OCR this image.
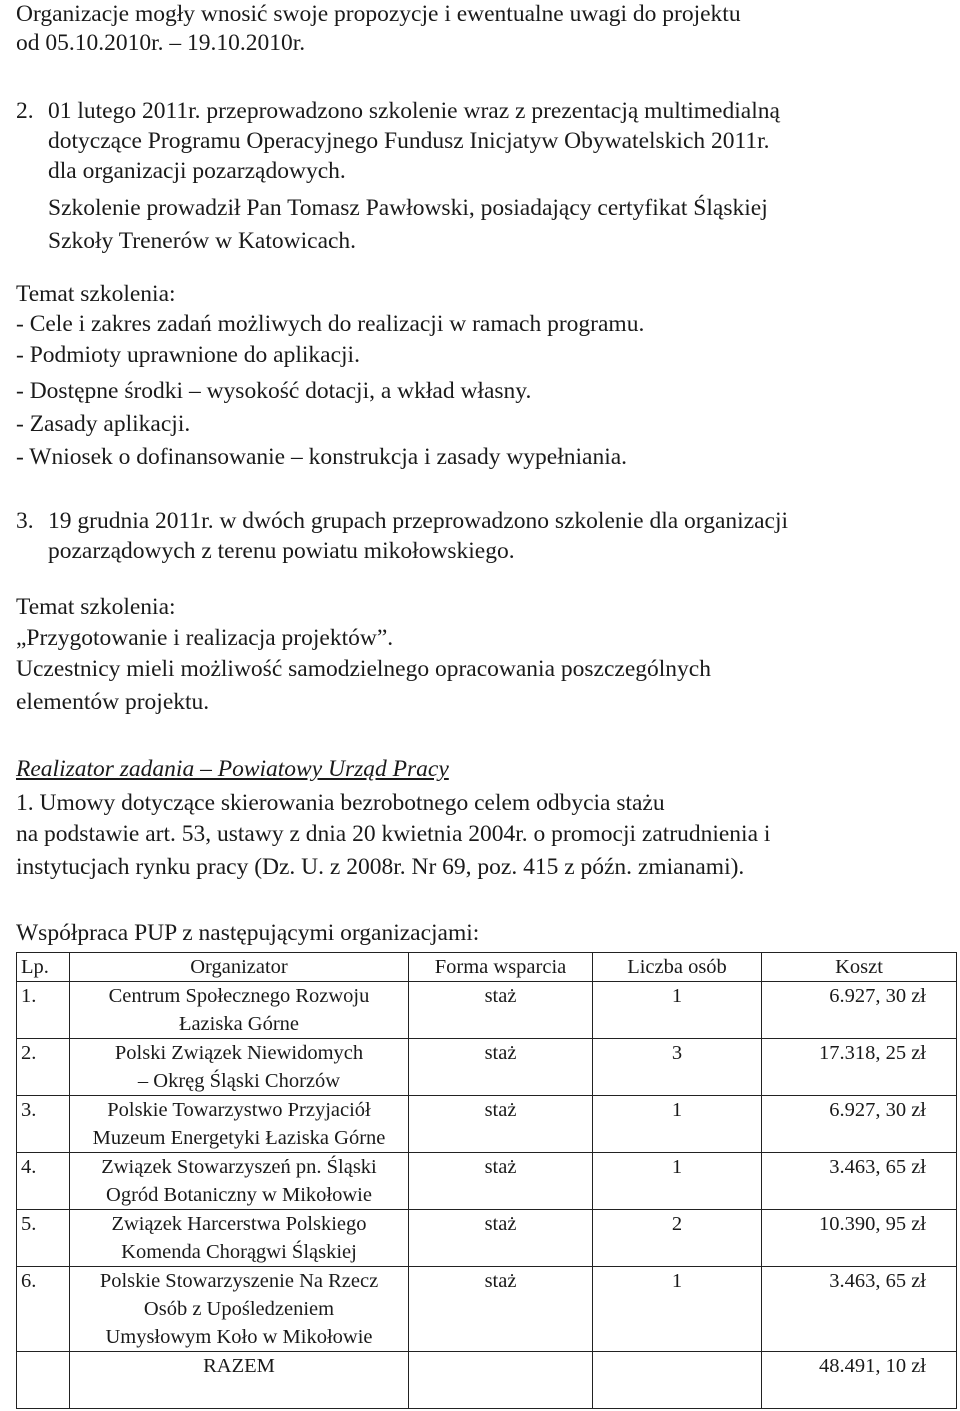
Organizacje mogły wnosić swoje propozycje i ewentualne uwagi do projektu

od 05.10.2010r. – 19.10.2010r.

2. 01 lutego 2011r. przeprowadzono szkolenie wraz z prezentacją multimedialną

dotyczące Programu Operacyjnego Fundusz Inicjatyw Obywatelskich 2011r.

dla organizacji pozarządowych.

Szkolenie prowadził Pan Tomasz Pawłowski, posiadający certyfikat Śląskiej

Szkoły Trenerów w Katowicach.

Temat szkolenia:

- Cele i zakres zadań możliwych do realizacji w ramach programu.

- Podmioty uprawnione do aplikacji.

- Dostępne środki – wysokość dotacji, a wkład własny.

- Zasady aplikacji.

- Wniosek o dofinansowanie – konstrukcja i zasady wypełniania.

3. 19 grudnia 2011r. w dwóch grupach przeprowadzono szkolenie dla organizacji

pozarządowych z terenu powiatu mikołowskiego.

Temat szkolenia:

„Przygotowanie i realizacja projektów”.

Uczestnicy mieli możliwość samodzielnego opracowania poszczególnych

elementów projektu.

Realizator zadania – Powiatowy Urząd Pracy

1. Umowy dotyczące skierowania bezrobotnego celem odbycia stażu

na podstawie art. 53, ustawy z dnia 20 kwietnia 2004r. o promocji zatrudnienia i

instytucjach rynku pracy (Dz. U. z 2008r. Nr 69, poz. 415 z późn. zmianami).

Współpraca PUP z następującymi organizacjami:

Lp.	Organizator	Forma wsparcia	Liczba osób	Koszt
1.	Centrum Społecznego Rozwoju
Łaziska Górne	staż	1	6.927, 30 zł
2.	Polski Związek Niewidomych
– Okręg Śląski Chorzów	staż	3	17.318, 25 zł
3.	Polskie Towarzystwo Przyjaciół
Muzeum Energetyki Łaziska Górne	staż	1	6.927, 30 zł
4.	Związek Stowarzyszeń pn. Śląski
Ogród Botaniczny w Mikołowie	staż	1	3.463, 65 zł
5.	Związek Harcerstwa Polskiego
Komenda Chorągwi Śląskiej	staż	2	10.390, 95 zł
6.	Polskie Stowarzyszenie Na Rzecz
Osób z Upośledzeniem
Umysłowym Koło w Mikołowie	staż	1	3.463, 65 zł
	RAZEM			48.491, 10 zł
